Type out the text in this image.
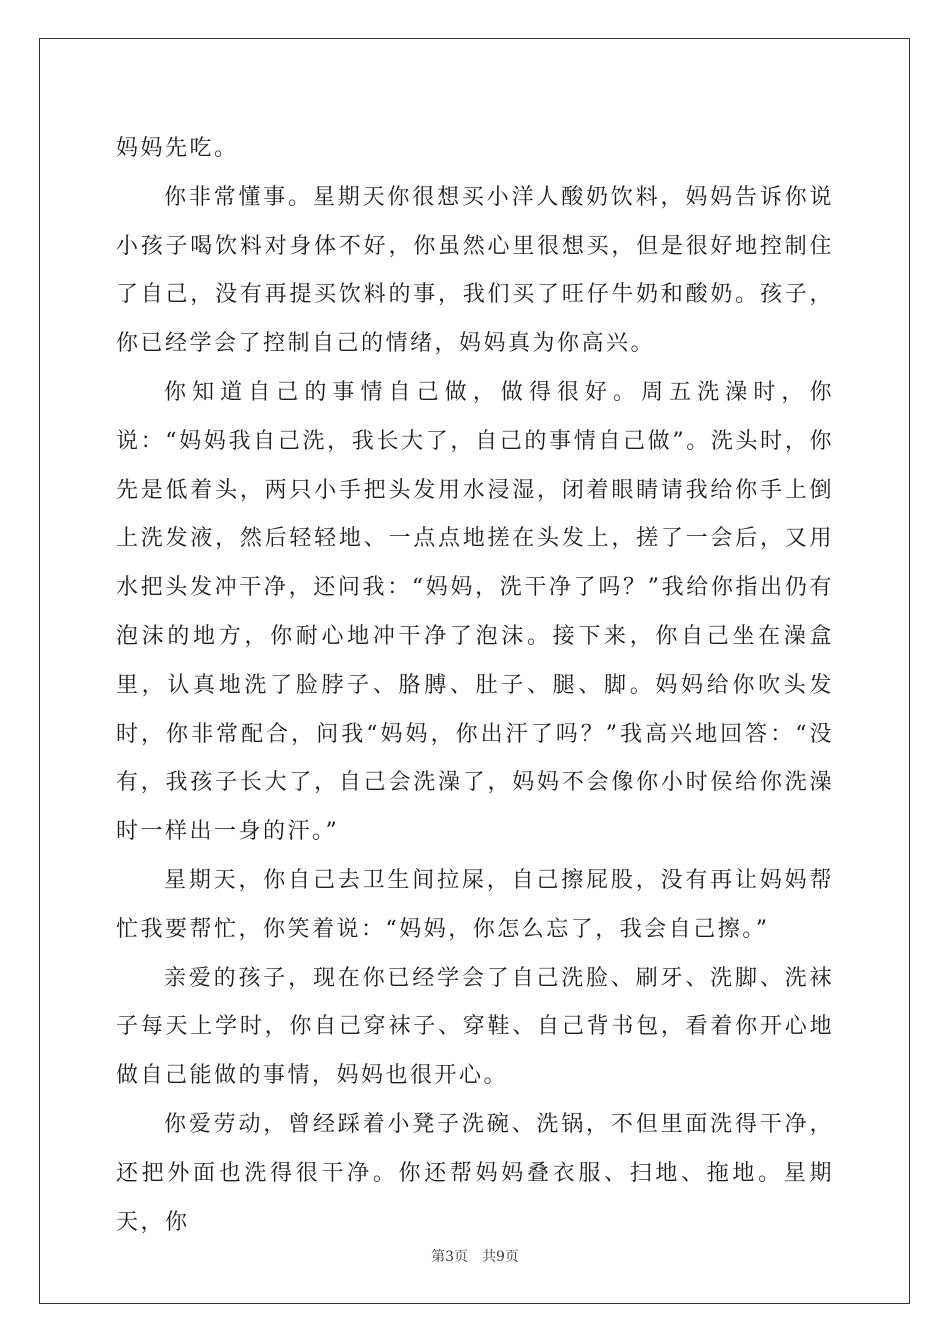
妈妈先吃。

你非常懂事。星期天你很想买小洋人酸奶饮料，妈妈告诉你说小孩子喝饮料对身体不好，你虽然心里很想买，但是很好地控制住了自己，没有再提买饮料的事，我们买了旺仔牛奶和酸奶。孩子，你已经学会了控制自己的情绪，妈妈真为你高兴。

你知道自己的事情自己做，做得很好。周五洗澡时，你说：“妈妈我自己洗，我长大了，自己的事情自己做”。洗头时，你先是低着头，两只小手把头发用水浸湿，闭着眼睛请我给你手上倒上洗发液，然后轻轻地、一点点地搓在头发上，搓了一会后，又用水把头发冲干净，还问我：“妈妈，洗干净了吗？”我给你指出仍有泡沫的地方，你耐心地冲干净了泡沫。接下来，你自己坐在澡盒里，认真地洗了脸脖子、胳膊、肚子、腿、脚。妈妈给你吹头发时，你非常配合，问我“妈妈，你出汗了吗？”我高兴地回答：“没有，我孩子长大了，自己会洗澡了，妈妈不会像你小时侯给你洗澡时一样出一身的汗。”

星期天，你自己去卫生间拉屎，自己擦屁股，没有再让妈妈帮忙我要帮忙，你笑着说：“妈妈，你怎么忘了，我会自己擦。”

亲爱的孩子，现在你已经学会了自己洗脸、刷牙、洗脚、洗袜子每天上学时，你自己穿袜子、穿鞋、自己背书包，看着你开心地做自己能做的事情，妈妈也很开心。

你爱劳动，曾经踩着小凳子洗碗、洗锅，不但里面洗得干净，还把外面也洗得很干净。你还帮妈妈叠衣服、扫地、拖地。星期天，你

第3页 共9页
